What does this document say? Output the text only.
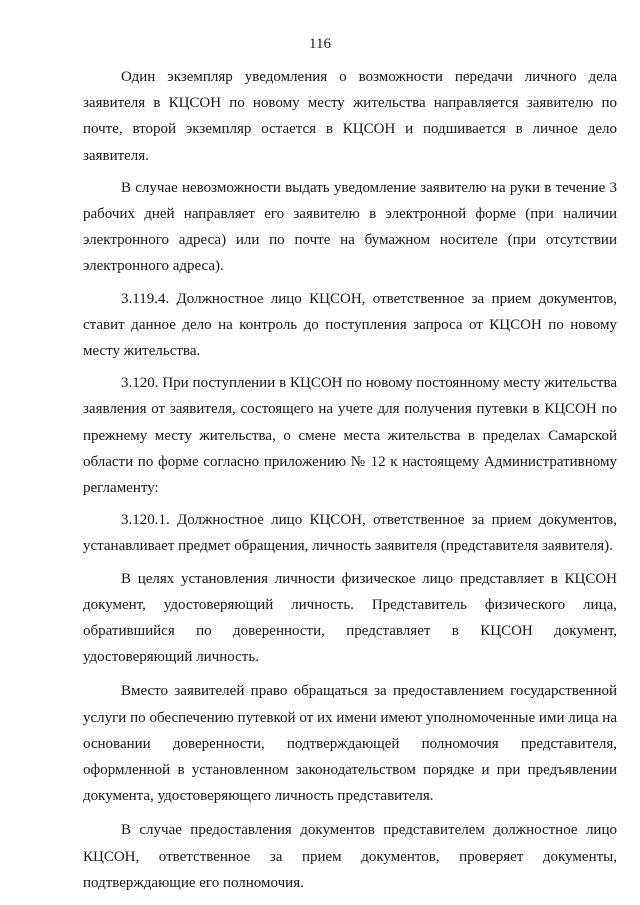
116

Один экземпляр уведомления о возможности передачи личного дела заявителя в КЦСОН по новому месту жительства направляется заявителю по почте, второй экземпляр остается в КЦСОН и подшивается в личное дело заявителя.

В случае невозможности выдать уведомление заявителю на руки в течение 3 рабочих дней направляет его заявителю в электронной форме (при наличии электронного адреса) или по почте на бумажном носителе (при отсутствии электронного адреса).

3.119.4. Должностное лицо КЦСОН, ответственное за прием документов, ставит данное дело на контроль до поступления запроса от КЦСОН по новому месту жительства.

3.120. При поступлении в КЦСОН по новому постоянному месту жительства заявления от заявителя, состоящего на учете для получения путевки в КЦСОН по прежнему месту жительства, о смене места жительства в пределах Самарской области по форме согласно приложению № 12 к настоящему Административному регламенту:

3.120.1. Должностное лицо КЦСОН, ответственное за прием документов, устанавливает предмет обращения, личность заявителя (представителя заявителя).

В целях установления личности физическое лицо представляет в КЦСОН документ, удостоверяющий личность. Представитель физического лица, обратившийся по доверенности, представляет в КЦСОН документ, удостоверяющий личность.

Вместо заявителей право обращаться за предоставлением государственной услуги по обеспечению путевкой от их имени имеют уполномоченные ими лица на основании доверенности, подтверждающей полномочия представителя, оформленной в установленном законодательством порядке и при предъявлении документа, удостоверяющего личность представителя.

В случае предоставления документов представителем должностное лицо КЦСОН, ответственное за прием документов, проверяет документы, подтверждающие его полномочия.
